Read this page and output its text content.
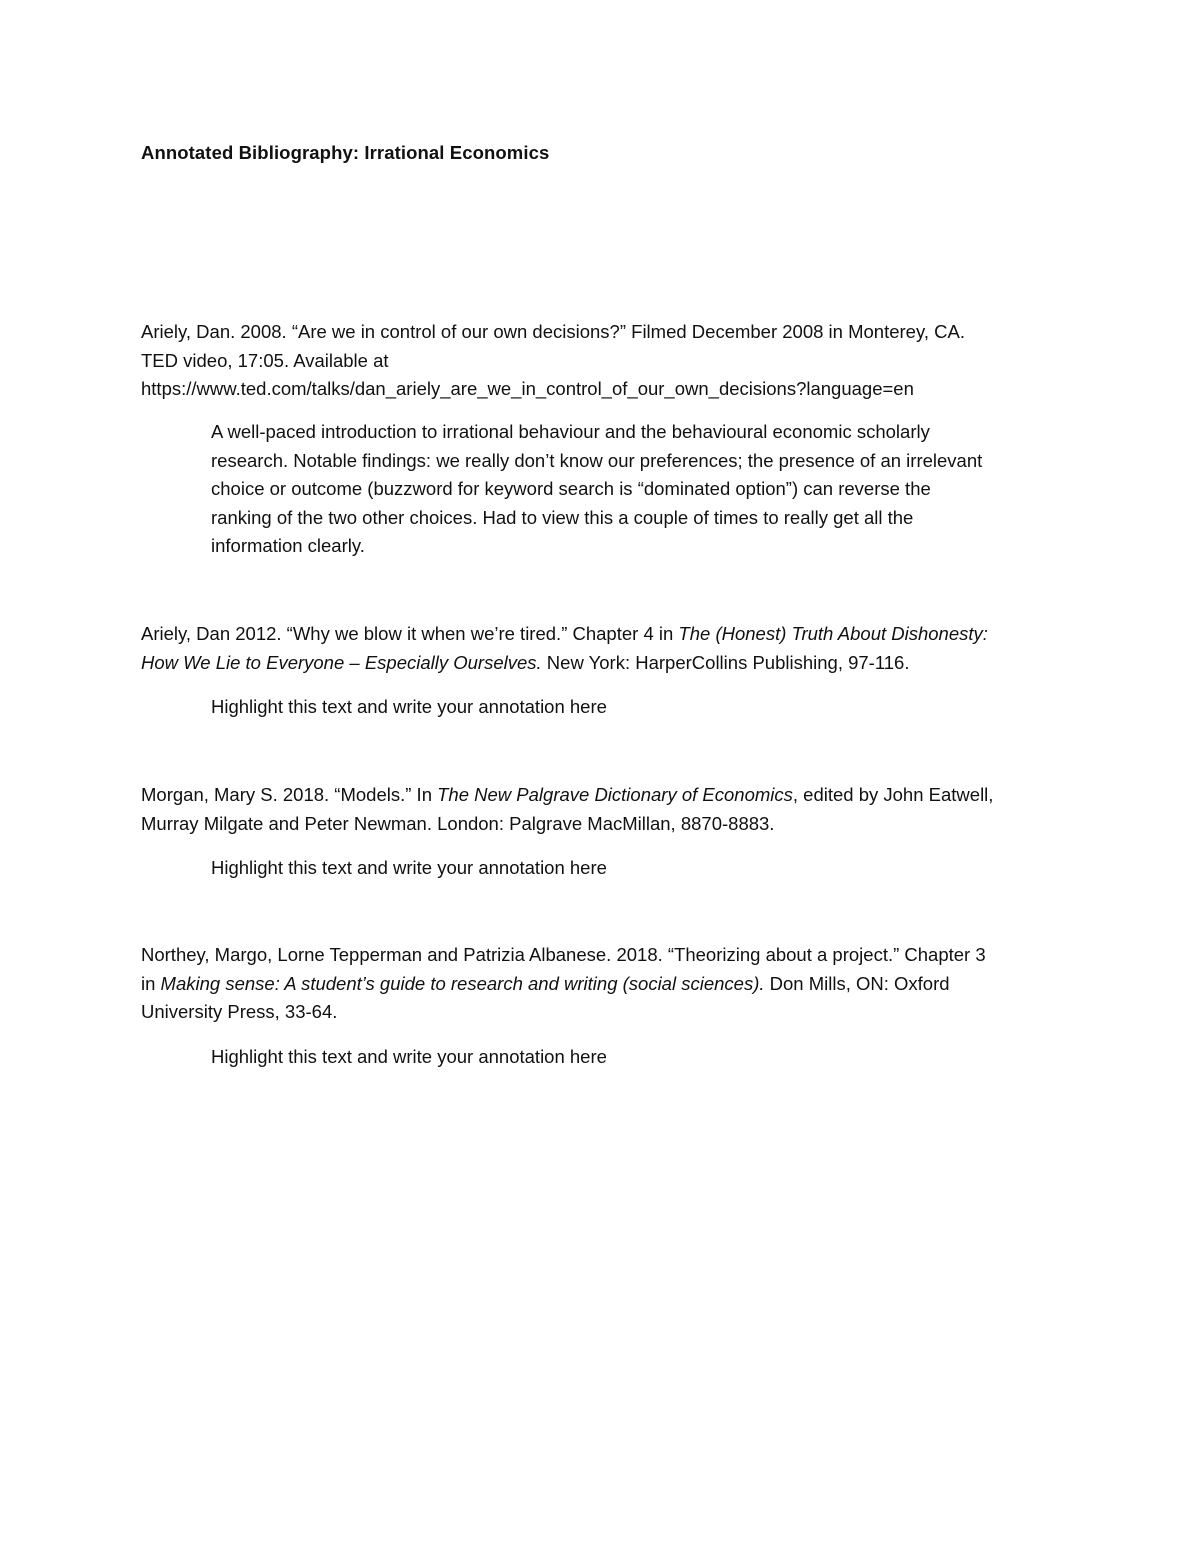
Annotated Bibliography: Irrational Economics
Ariely, Dan. 2008. “Are we in control of our own decisions?” Filmed December 2008 in Monterey, CA.
TED video, 17:05. Available at
https://www.ted.com/talks/dan_ariely_are_we_in_control_of_our_own_decisions?language=en
A well-paced introduction to irrational behaviour and the behavioural economic scholarly
research. Notable findings: we really don’t know our preferences; the presence of an irrelevant
choice or outcome (buzzword for keyword search is “dominated option”) can reverse the
ranking of the two other choices. Had to view this a couple of times to really get all the
information clearly.
Ariely, Dan 2012. “Why we blow it when we’re tired.” Chapter 4 in The (Honest) Truth About Dishonesty:
How We Lie to Everyone – Especially Ourselves. New York: HarperCollins Publishing, 97-116.
Highlight this text and write your annotation here
Morgan, Mary S. 2018. “Models.” In The New Palgrave Dictionary of Economics, edited by John Eatwell,
Murray Milgate and Peter Newman. London: Palgrave MacMillan, 8870-8883.
Highlight this text and write your annotation here
Northey, Margo, Lorne Tepperman and Patrizia Albanese. 2018. “Theorizing about a project.” Chapter 3
in Making sense: A student’s guide to research and writing (social sciences). Don Mills, ON: Oxford
University Press, 33-64.
Highlight this text and write your annotation here
